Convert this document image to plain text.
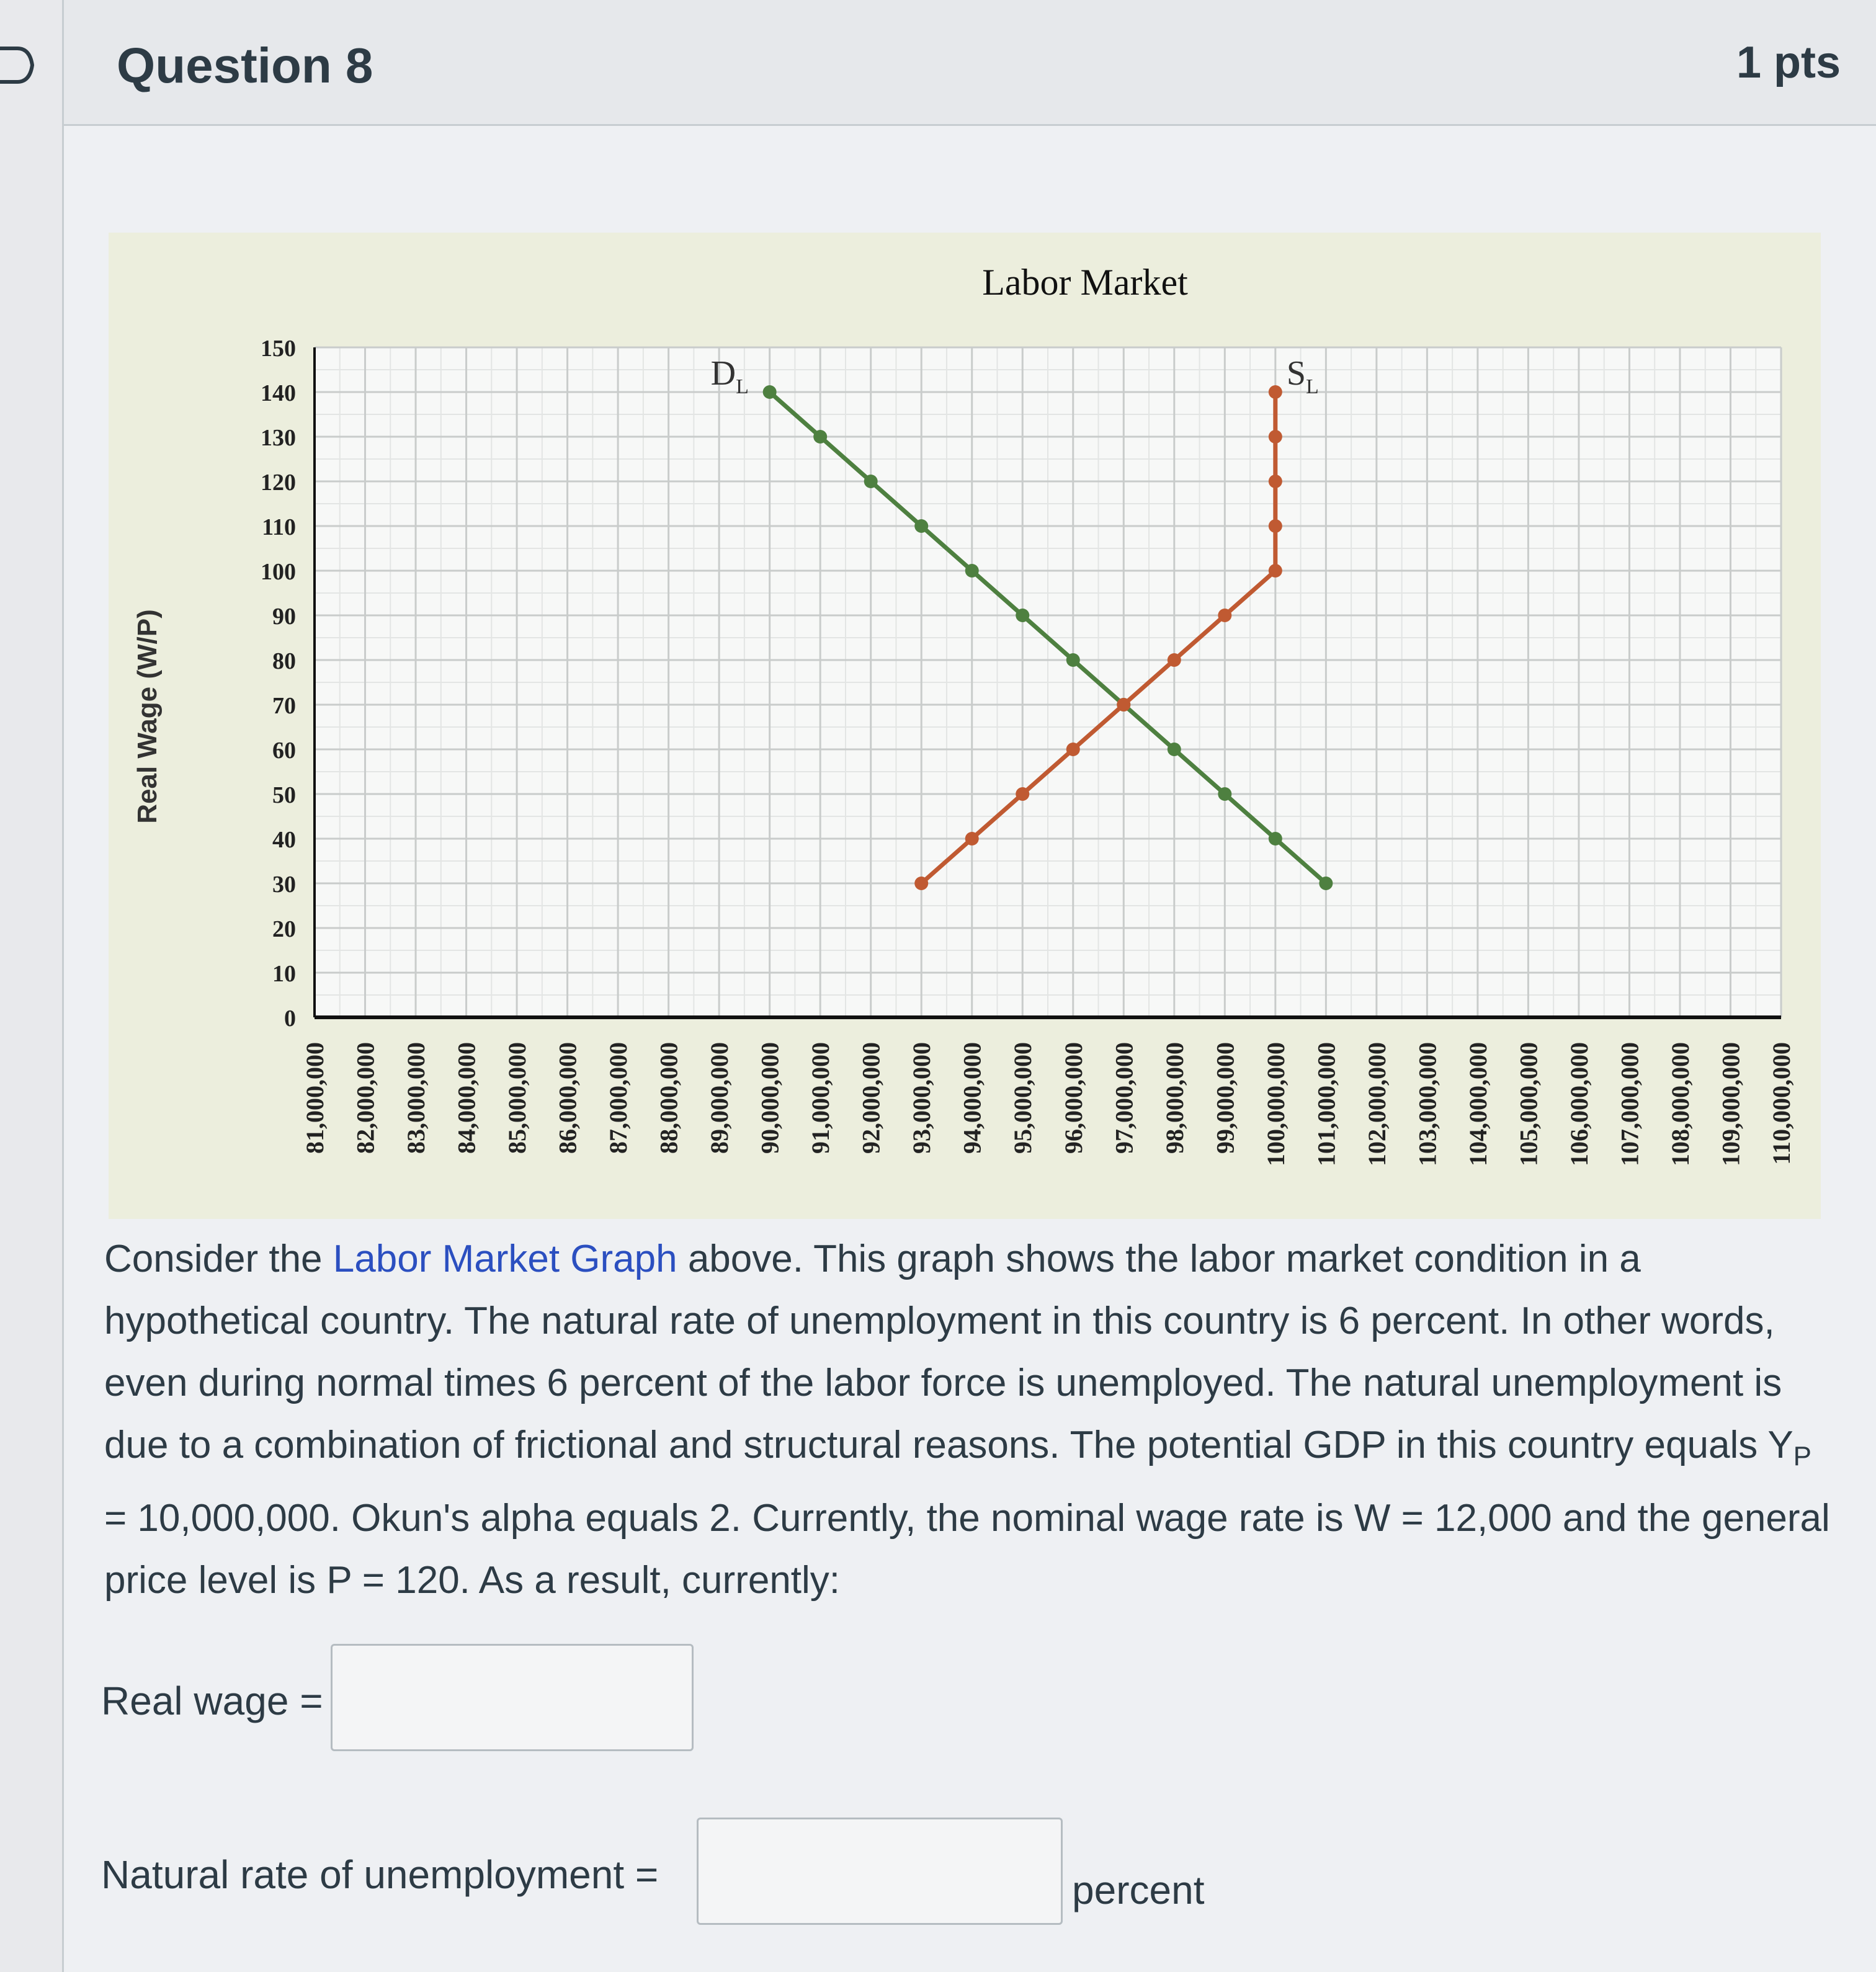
Question 8	1 pts
Labor Market
Real Wage (W/P)
0
10
20
30
40
50
60
70
80
90
100
110
120
130
140
150
81,000,000 82,000,000 83,000,000 84,000,000 85,000,000 86,000,000 87,000,000 88,000,000 89,000,000 90,000,000 91,000,000 92,000,000 93,000,000 94,000,000 95,000,000 96,000,000 97,000,000 98,000,000 99,000,000 100,000,000 101,000,000 102,000,000 103,000,000 104,000,000 105,000,000 106,000,000 107,000,000 108,000,000 109,000,000 110,000,000
$D_L$	$S_L$
Consider the Labor Market Graph above. This graph shows the labor market condition in a hypothetical country. The natural rate of unemployment in this country is 6 percent. In other words, even during normal times 6 percent of the labor force is unemployed. The natural unemployment is due to a combination of frictional and structural reasons. The potential GDP in this country equals $Y_P = 10,000,000$. Okun's alpha equals 2. Currently, the nominal wage rate is W = 12,000 and the general price level is P = 120. As a result, currently:
Real wage =
Natural rate of unemployment =	percent
